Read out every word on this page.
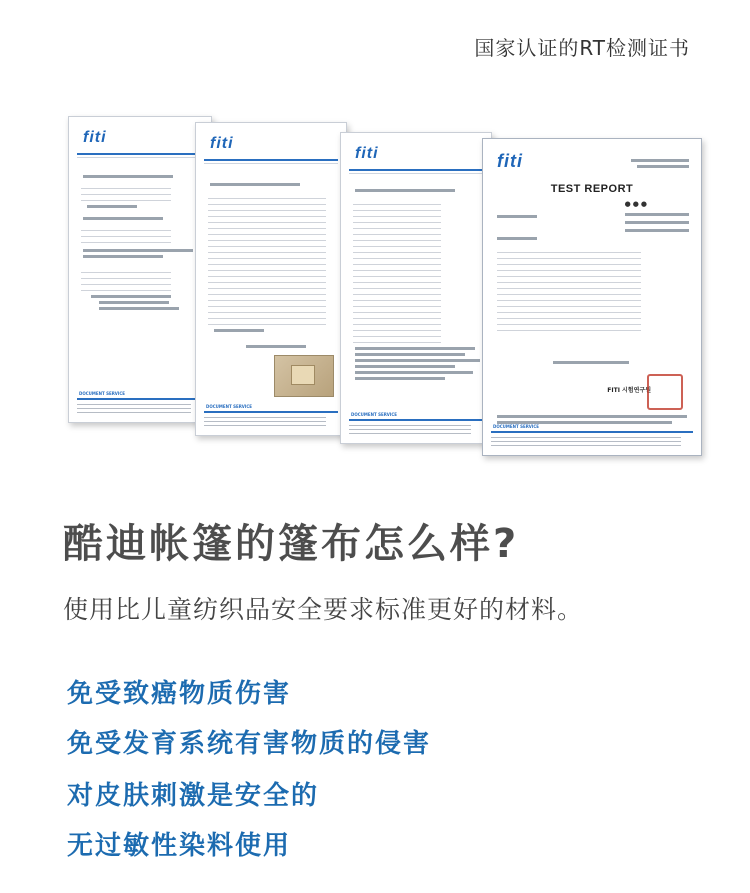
国家认证的RT检测证书
fiti
DOCUMENT SERVICE
fiti
DOCUMENT SERVICE
fiti
DOCUMENT SERVICE
fiti
TEST REPORT
●●●
FITI 시험연구원
DOCUMENT SERVICE
酷迪帐篷的篷布怎么样?
使用比儿童纺织品安全要求标准更好的材料。
免受致癌物质伤害
免受发育系统有害物质的侵害
对皮肤刺激是安全的
无过敏性染料使用
